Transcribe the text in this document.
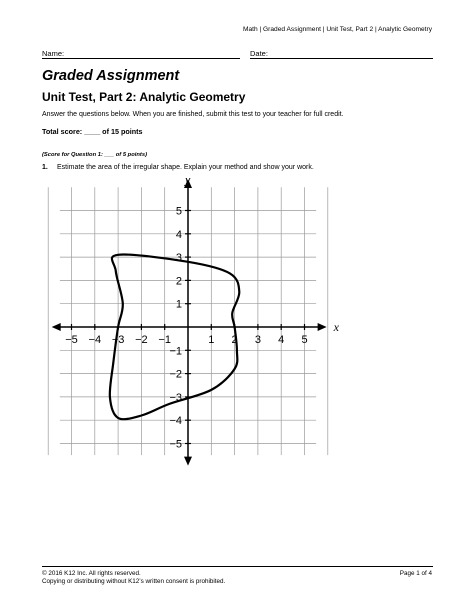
Math | Graded Assignment | Unit Test, Part 2 | Analytic Geometry
Name:	Date:
Graded Assignment
Unit Test, Part 2: Analytic Geometry
Answer the questions below. When you are finished, submit this test to your teacher for full credit.
Total score: ____ of 15 points
(Score for Question 1: ___ of 5 points)
1. Estimate the area of the irregular shape. Explain your method and show your work.
−5 −4 −3 −2 −1	1 2 3 4 5
5
4
3
2
1
−1
−2
−3
−4
−5
x
y
© 2016 K12 Inc. All rights reserved.	Page 1 of 4
Copying or distributing without K12’s written consent is prohibited.
